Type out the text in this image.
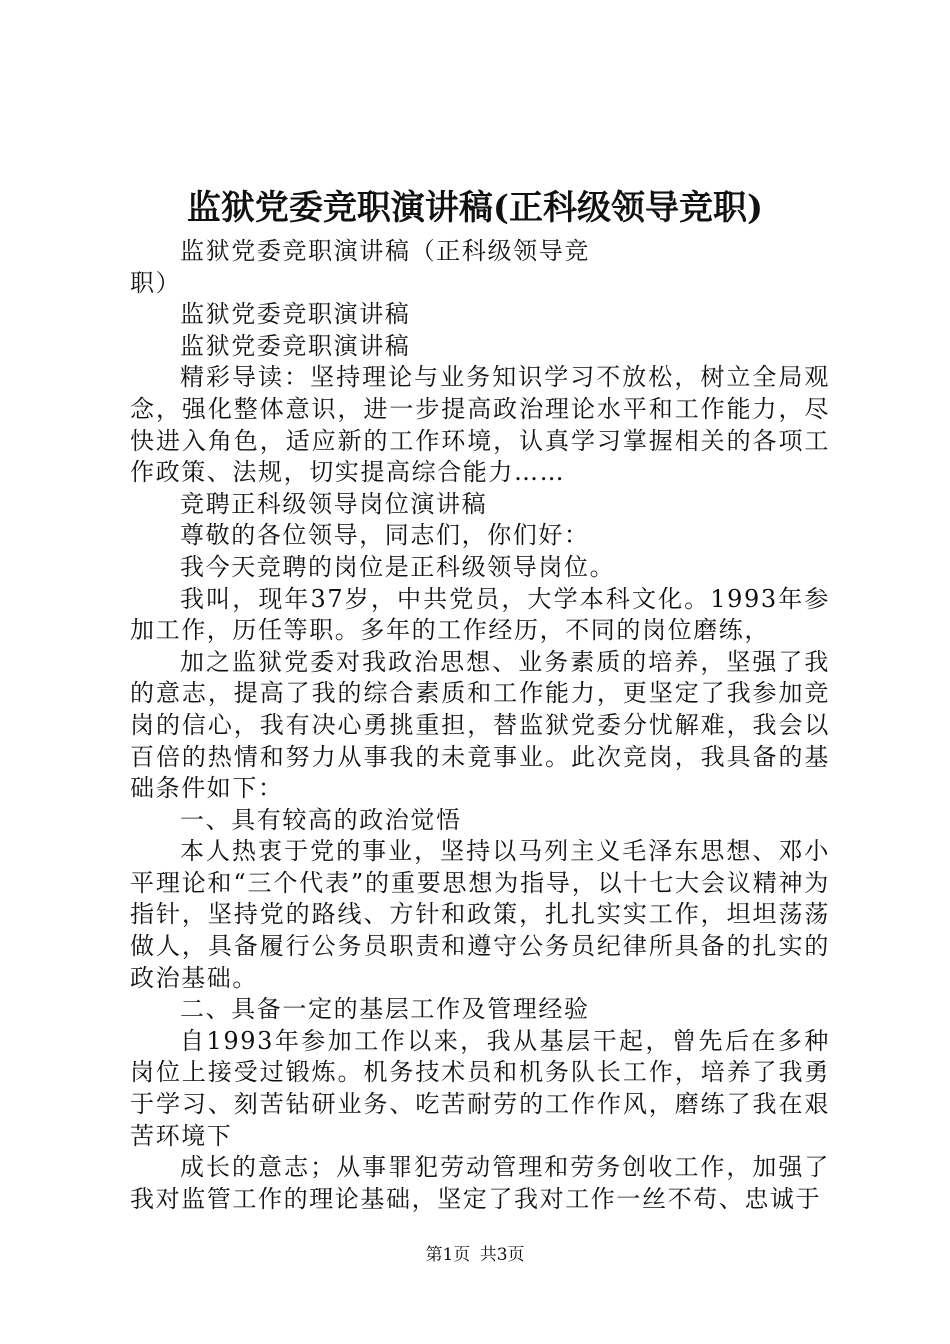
监狱党委竞职演讲稿(正科级领导竞职)

监狱党委竞职演讲稿（正科级领导竞职）

监狱党委竞职演讲稿

监狱党委竞职演讲稿

精彩导读：坚持理论与业务知识学习不放松，树立全局观念，强化整体意识，进一步提高政治理论水平和工作能力，尽快进入角色，适应新的工作环境，认真学习掌握相关的各项工作政策、法规，切实提高综合能力……

竞聘正科级领导岗位演讲稿

尊敬的各位领导，同志们，你们好：

我今天竞聘的岗位是正科级领导岗位。

我叫，现年37岁，中共党员，大学本科文化。1993年参加工作，历任等职。多年的工作经历，不同的岗位磨练，

加之监狱党委对我政治思想、业务素质的培养，坚强了我的意志，提高了我的综合素质和工作能力，更坚定了我参加竞岗的信心，我有决心勇挑重担，替监狱党委分忧解难，我会以百倍的热情和努力从事我的未竟事业。此次竞岗，我具备的基础条件如下：

一、具有较高的政治觉悟

本人热衷于党的事业，坚持以马列主义毛泽东思想、邓小平理论和“三个代表”的重要思想为指导，以十七大会议精神为指针，坚持党的路线、方针和政策，扎扎实实工作，坦坦荡荡做人，具备履行公务员职责和遵守公务员纪律所具备的扎实的政治基础。

二、具备一定的基层工作及管理经验

自1993年参加工作以来，我从基层干起，曾先后在多种岗位上接受过锻炼。机务技术员和机务队长工作，培养了我勇于学习、刻苦钻研业务、吃苦耐劳的工作作风，磨练了我在艰苦环境下

成长的意志；从事罪犯劳动管理和劳务创收工作，加强了我对监管工作的理论基础，坚定了我对工作一丝不苟、忠诚于

第1页 共3页
